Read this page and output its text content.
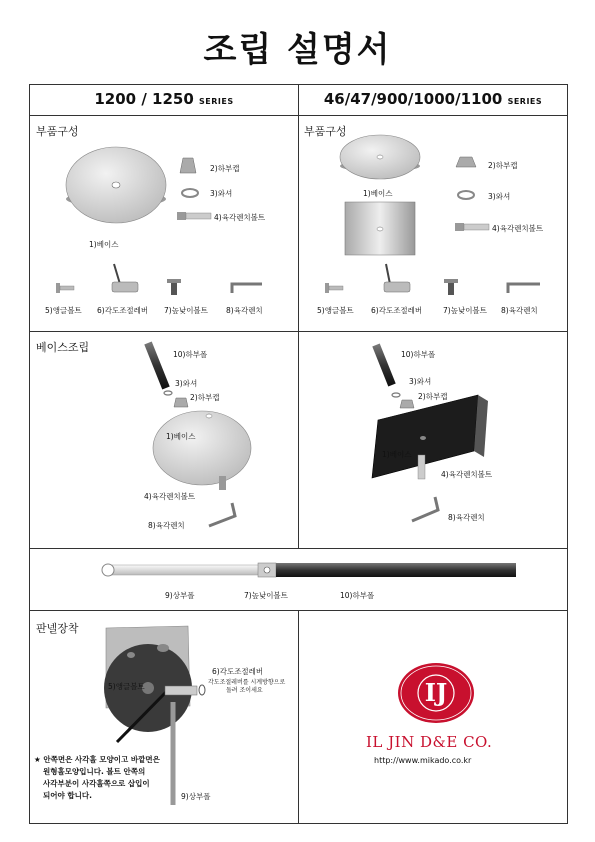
조립 설명서
1200 / 1250 SERIES	46/47/900/1000/1100 SERIES
부품구성	부품구성
베이스조립
판넬장착
1)베이스
2)하부캡
3)와셔
4)육각렌치볼트
5)앵글볼트 6)각도조절레버 7)높낮이볼트 8)육각렌치
1)베이스
2)하부캡
3)와셔
4)육각렌치볼트
5)앵글볼트 6)각도조절레버	7)높낮이볼트 8)육각렌치
10)하부폴
3)와셔
2)하부캡
1)베이스
4)육각렌치볼트
8)육각렌치
10)하부폴
3)와셔
2)하부캡
1)베이스
4)육각렌치볼트
8)육각렌치
9)상부폴	7)높낮이볼트	10)하부폴
5)앵글볼트
6)각도조절레버
각도조절레버를 시계방향으로
돌려 조이세요
9)상부폴
★ 안쪽면은 사각홀 모양이고 바깥면은
원형홀모양입니다. 볼트 안쪽의
사각부분이 사각홀쪽으로 삽입이
되어야 합니다.
IJ
IL JIN D&E CO.
http://www.mikado.co.kr
